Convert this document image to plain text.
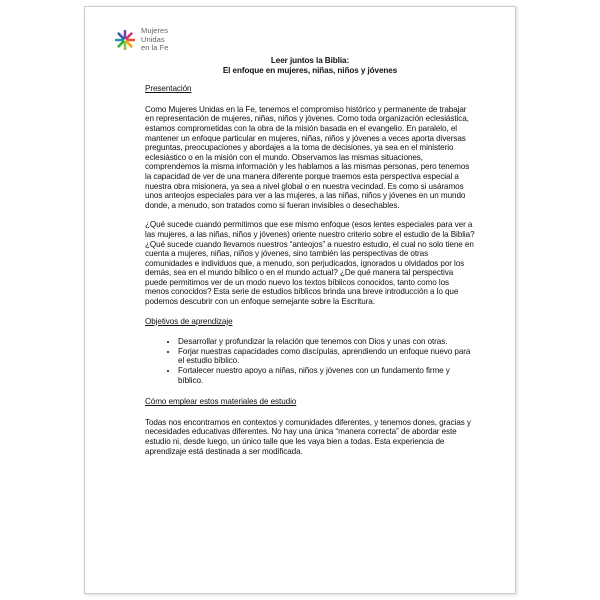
Mujeres
Unidas
en la Fe
Leer juntos la Biblia:
El enfoque en mujeres, niñas, niños y jóvenes
Presentación

Como Mujeres Unidas en la Fe, tenemos el compromiso histórico y permanente de trabajar en representación de mujeres, niñas, niños y jóvenes. Como toda organización eclesiástica, estamos comprometidas con la obra de la misión basada en el evangelio. En paralelo, el mantener un enfoque particular en mujeres, niñas, niños y jóvenes a veces aporta diversas preguntas, preocupaciones y abordajes a la toma de decisiones, ya sea en el ministerio eclesiástico o en la misión con el mundo. Observamos las mismas situaciones, comprendemos la misma información y les hablamos a las mismas personas, pero tenemos la capacidad de ver de una manera diferente porque traemos esta perspectiva especial a nuestra obra misionera, ya sea a nivel global o en nuestra vecindad. Es como si usáramos unos anteojos especiales para ver a las mujeres, a las niñas, niños y jóvenes en un mundo donde, a menudo, son tratados como si fueran invisibles o desechables.

¿Qué sucede cuando permitimos que ese mismo enfoque (esos lentes especiales para ver a las mujeres, a las niñas, niños y jóvenes) oriente nuestro criterio sobre el estudio de la Biblia? ¿Qué sucede cuando llevamos nuestros “anteojos” a nuestro estudio, el cual no solo tiene en cuenta a mujeres, niñas, niños y jóvenes, sino también las perspectivas de otras comunidades e individuos que, a menudo, son perjudicados, ignorados u olvidados por los demás, sea en el mundo bíblico o en el mundo actual? ¿De qué manera tal perspectiva puede permitirnos ver de un modo nuevo los textos bíblicos conocidos, tanto como los menos conocidos? Esta serie de estudios bíblicos brinda una breve introducción a lo que podemos descubrir con un enfoque semejante sobre la Escritura.

Objetivos de aprendizaje
• Desarrollar y profundizar la relación que tenemos con Dios y unas con otras.
• Forjar nuestras capacidades como discípulas, aprendiendo un enfoque nuevo para el estudio bíblico.
• Fortalecer nuestro apoyo a niñas, niños y jóvenes con un fundamento firme y bíblico.
Cómo emplear estos materiales de estudio

Todas nos encontramos en contextos y comunidades diferentes, y tenemos dones, gracias y necesidades educativas diferentes. No hay una única “manera correcta” de abordar este estudio ni, desde luego, un único talle que les vaya bien a todas. Esta experiencia de aprendizaje está destinada a ser modificada.
